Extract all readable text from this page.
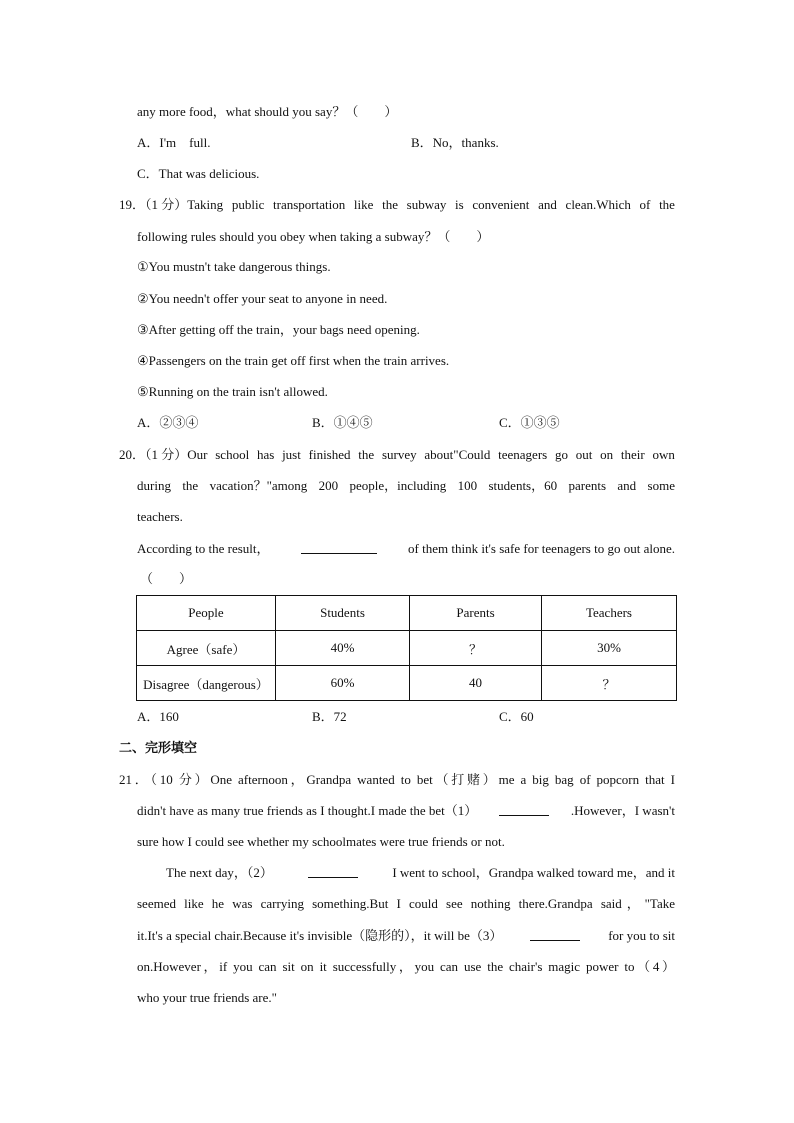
any more food，what should you say？（　　）
A．I'm　full.	B．No，thanks.
C．That was delicious.
19．（1 分）Taking public transportation like the subway is convenient and clean.Which of the
following rules should you obey when taking a subway？（　　）
①You mustn't take dangerous things.
②You needn't offer your seat to anyone in need.
③After getting off the train，your bags need opening.
④Passengers on the train get off first when the train arrives.
⑤Running on the train isn't allowed.
A．②③④	B．①④⑤	C．①③⑤
20．（1 分）Our school has just finished the survey about"Could teenagers go out on their own
during the vacation？"among 200 people，including 100 students，60 parents and some
teachers.
According to the result，	of them think it's safe for teenagers to go out alone.
（　　）
People	Students	Parents	Teachers
Agree（safe）	40%	？	30%
Disagree（dangerous）	60%	40	？
A．160	B．72	C．60
二、完形填空
21．（10 分）One afternoon，Grandpa wanted to bet（打赌）me a big bag of popcorn that I
didn't have as many true friends as I thought.I made the bet（1）	.However，I wasn't
sure how I could see whether my schoolmates were true friends or not.
The next day，（2）	I went to school，Grandpa walked toward me，and it
seemed like he was carrying something.But I could see nothing there.Grandpa said，"Take
it.It's a special chair.Because it's invisible（隐形的），it will be（3）	for you to sit
on.However，if you can sit on it successfully，you can use the chair's magic power to（4）
who your true friends are."
